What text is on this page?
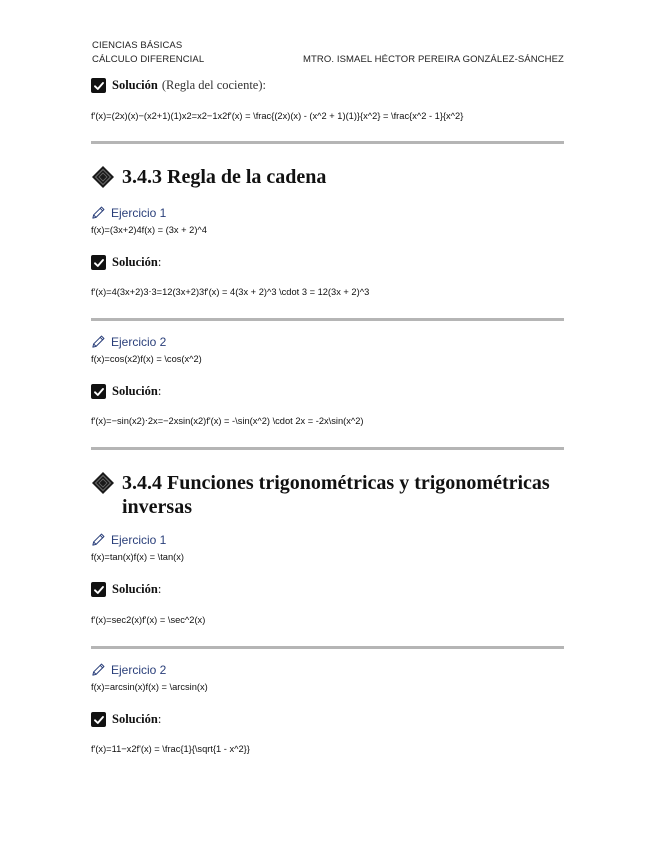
CIENCIAS BÁSICAS
CÁLCULO DIFERENCIAL	MTRO. ISMAEL HÉCTOR PEREIRA GONZÁLEZ-SÁNCHEZ
Solución (Regla del cociente):
f′(x)=(2x)(x)−(x2+1)(1)x2=x2−1x2f'(x) = \frac{(2x)(x) - (x^2 + 1)(1)}{x^2} = \frac{x^2 - 1}{x^2}
3.4.3 Regla de la cadena
Ejercicio 1
f(x)=(3x+2)4f(x) = (3x + 2)^4
Solución :
f′(x)=4(3x+2)3⋅3=12(3x+2)3f'(x) = 4(3x + 2)^3 \cdot 3 = 12(3x + 2)^3
Ejercicio 2
f(x)=cos⁡(x2)f(x) = \cos(x^2)
Solución :
f′(x)=−sin⁡(x2)⋅2x=−2xsin⁡(x2)f'(x) = -\sin(x^2) \cdot 2x = -2x\sin(x^2)
3.4.4 Funciones trigonométricas y trigonométricas inversas
Ejercicio 1
f(x)=tan⁡(x)f(x) = \tan(x)
Solución :
f′(x)=sec⁡2(x)f'(x) = \sec^2(x)
Ejercicio 2
f(x)=arcsin⁡(x)f(x) = \arcsin(x)
Solución :
f′(x)=11−x2f'(x) = \frac{1}{\sqrt{1 - x^2}}
